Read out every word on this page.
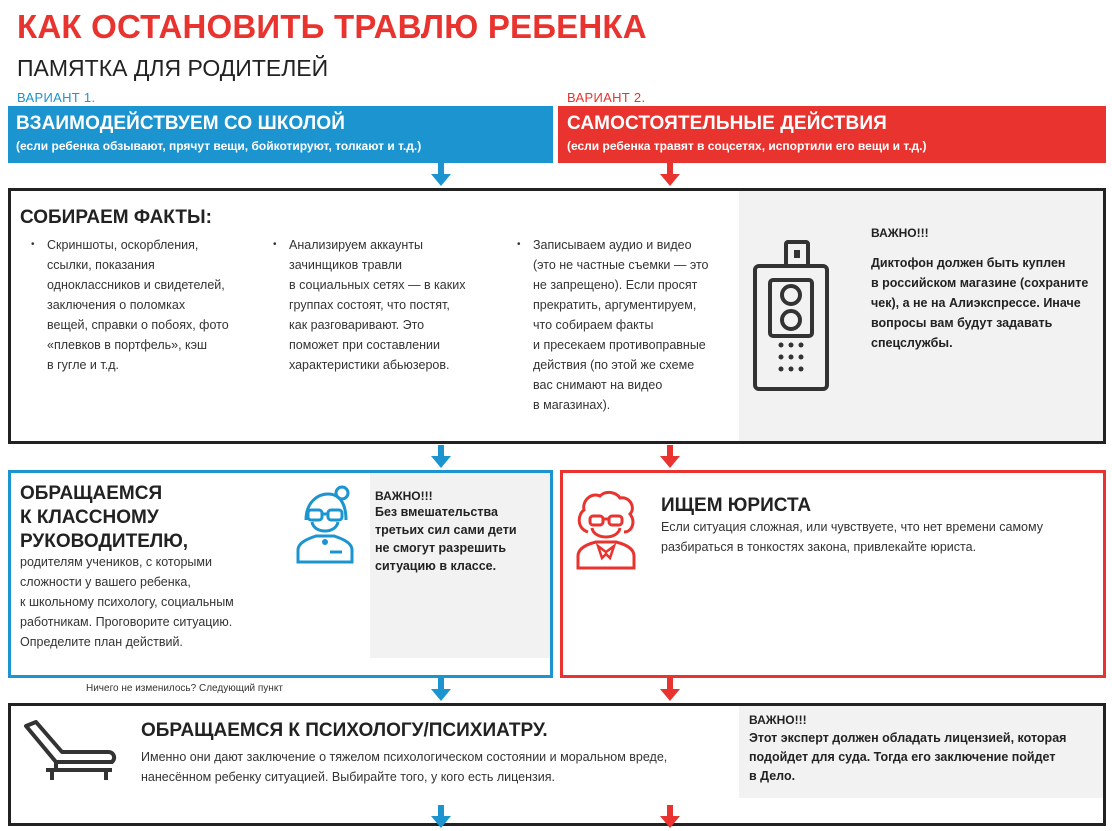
КАК ОСТАНОВИТЬ ТРАВЛЮ РЕБЕНКА
ПАМЯТКА ДЛЯ РОДИТЕЛЕЙ
ВАРИАНТ 1.	ВАРИАНТ 2.
ВЗАИМОДЕЙСТВУЕМ СО ШКОЛОЙ
(если ребенка обзывают, прячут вещи, бойкотируют, толкают и т.д.)
САМОСТОЯТЕЛЬНЫЕ ДЕЙСТВИЯ
(если ребенка травят в соцсетях, испортили его вещи и т.д.)
СОБИРАЕМ ФАКТЫ:
• Скриншоты, оскорбления,
ссылки, показания
одноклассников и свидетелей,
заключения о поломках
вещей, справки о побоях, фото
«плевков в портфель», кэш
в гугле и т.д.
• Анализируем аккаунты
зачинщиков травли
в социальных сетях — в каких
группах состоят, что постят,
как разговаривают. Это
поможет при составлении
характеристики абьюзеров.
• Записываем аудио и видео
(это не частные съемки — это
не запрещено). Если просят
прекратить, аргументируем,
что собираем факты
и пресекаем противоправные
действия (по этой же схеме
вас снимают на видео
в магазинах).
ВАЖНО!!!
Диктофон должен быть куплен
в российском магазине (сохраните
чек), а не на Алиэкспрессе. Иначе
вопросы вам будут задавать
спецслужбы.
ОБРАЩАЕМСЯ
К КЛАССНОМУ
РУКОВОДИТЕЛЮ,
родителям учеников, с которыми
сложности у вашего ребенка,
к школьному психологу, социальным
работникам. Проговорите ситуацию.
Определите план действий.
ВАЖНО!!!
Без вмешательства
третьих сил сами дети
не смогут разрешить
ситуацию в классе.
ИЩЕМ ЮРИСТА
Если ситуация сложная, или чувствуете, что нет времени самому
разбираться в тонкостях закона, привлекайте юриста.
Ничего не изменилось? Следующий пункт
ОБРАЩАЕМСЯ К ПСИХОЛОГУ/ПСИХИАТРУ.
Именно они дают заключение о тяжелом психологическом состоянии и моральном вреде,
нанесённом ребенку ситуацией. Выбирайте того, у кого есть лицензия.
ВАЖНО!!!
Этот эксперт должен обладать лицензией, которая
подойдет для суда. Тогда его заключение пойдет
в Дело.
